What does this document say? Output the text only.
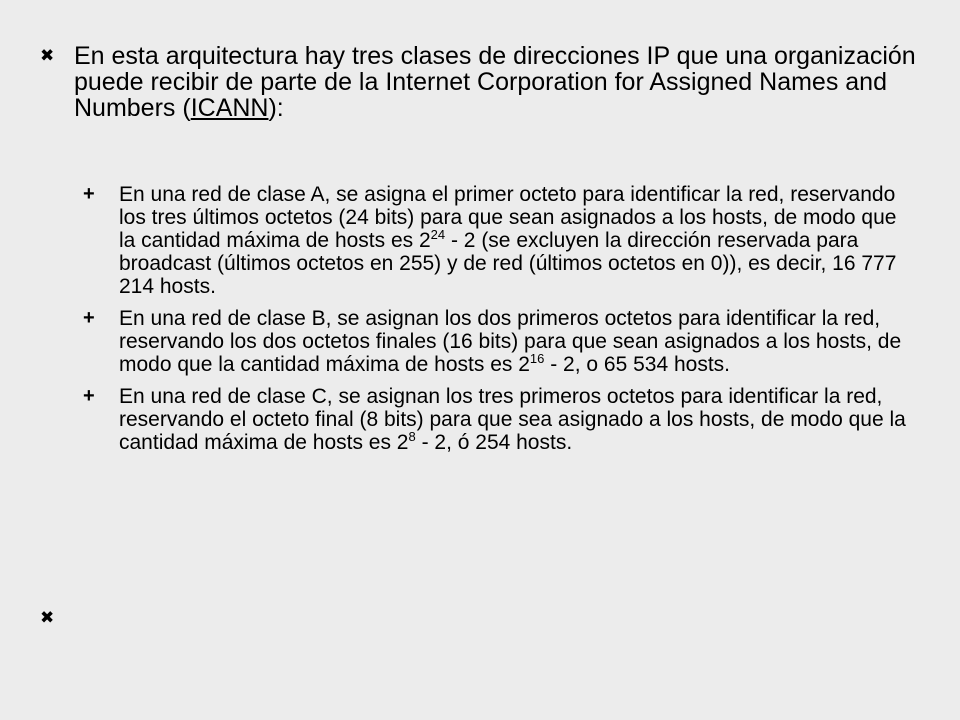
✖ En esta arquitectura hay tres clases de direcciones IP que una organización puede recibir de parte de la Internet Corporation for Assigned Names and Numbers (ICANN):
+	En una red de clase A, se asigna el primer octeto para identificar la red, reservando los tres últimos octetos (24 bits) para que sean asignados a los hosts, de modo que la cantidad máxima de hosts es $2^{24} - 2$ (se excluyen la dirección reservada para broadcast (últimos octetos en 255) y de red (últimos octetos en 0)), es decir, 16 777 214 hosts.
+	En una red de clase B, se asignan los dos primeros octetos para identificar la red, reservando los dos octetos finales (16 bits) para que sean asignados a los hosts, de modo que la cantidad máxima de hosts es $2^{16} - 2$, o 65 534 hosts.
+	En una red de clase C, se asignan los tres primeros octetos para identificar la red, reservando el octeto final (8 bits) para que sea asignado a los hosts, de modo que la cantidad máxima de hosts es $2^8 - 2$, ó 254 hosts.
✖
